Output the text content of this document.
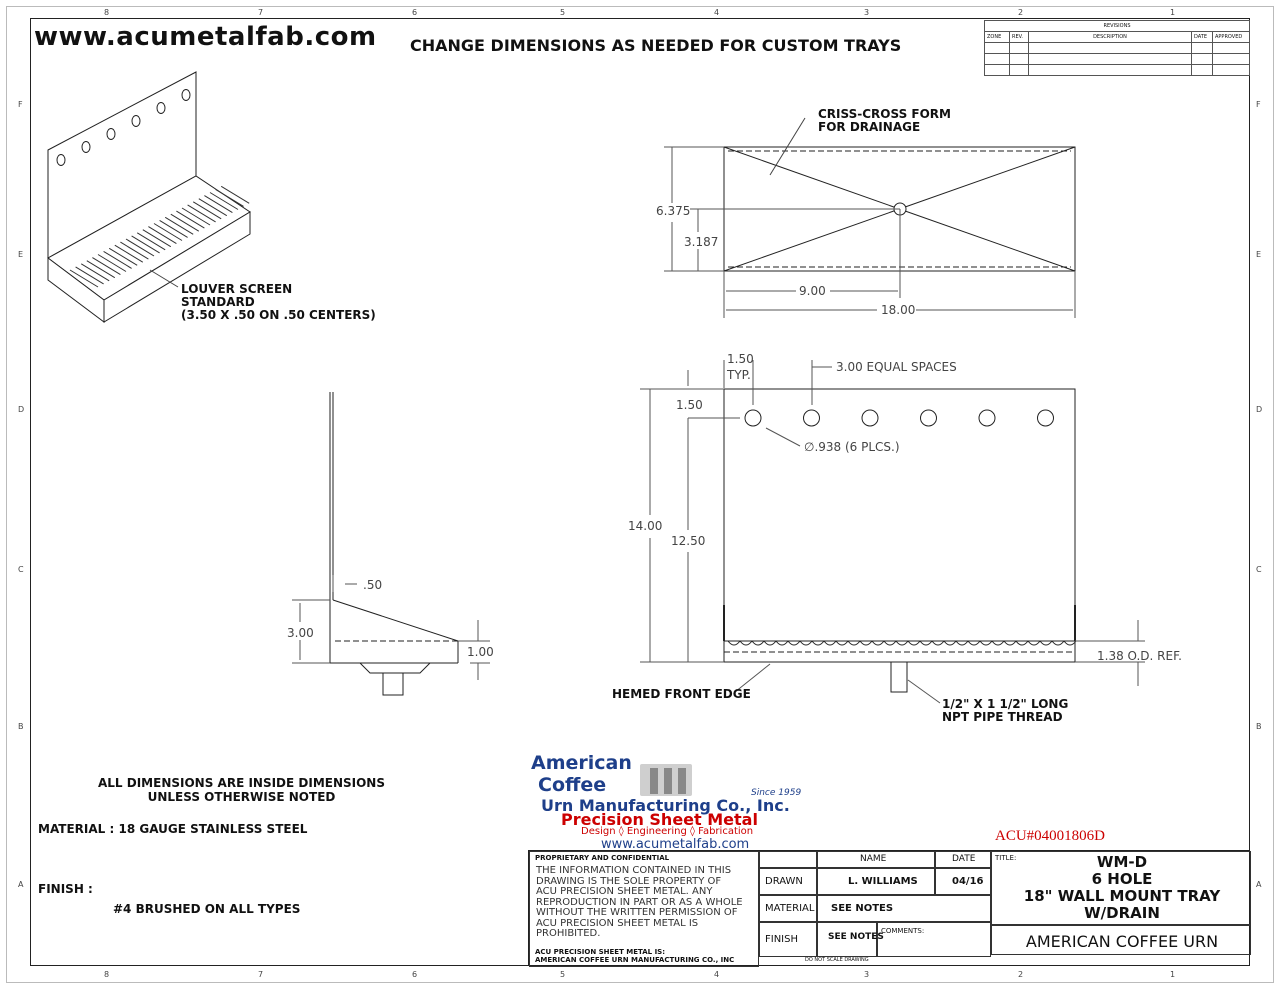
8
8
7
7
6
6
5
5
4
4
3
3
2
2
1
1
F	F
E	E
D	D
C	C
B	B
A	A
www.acumetalfab.com CHANGE DIMENSIONS AS NEEDED FOR CUSTOM TRAYS
REVISIONS				
ZONE	REV.	DESCRIPTION	DATE	APPROVED

LOUVER SCREEN
STANDARD
(3.50 X .50 ON .50 CENTERS)
CRISS-CROSS FORM
FOR DRAINAGE
6.375
3.187
9.00
18.00
.50
3.00
1.00
1.50
TYP.
3.00 EQUAL SPACES
1.50
∅.938 (6 PLCS.)
14.00
12.50
1.38 O.D. REF.
HEMED FRONT EDGE
1/2" X 1 1/2" LONG
NPT PIPE THREAD
ALL DIMENSIONS ARE INSIDE DIMENSIONS
UNLESS OTHERWISE NOTED
MATERIAL : 18 GAUGE STAINLESS STEEL
FINISH :
#4 BRUSHED ON ALL TYPES
American
Coffee
Urn Manufacturing Co., Inc.
Since 1959
Precision Sheet Metal
Design ◊ Engineering ◊ Fabrication
www.acumetalfab.com
ACU#04001806D
PROPRIETARY AND CONFIDENTIAL
THE INFORMATION CONTAINED IN THIS
DRAWING IS THE SOLE PROPERTY OF
ACU PRECISION SHEET METAL. ANY
REPRODUCTION IN PART OR AS A WHOLE
WITHOUT THE WRITTEN PERMISSION OF
ACU PRECISION SHEET METAL IS
PROHIBITED.
ACU PRECISION SHEET METAL IS:
AMERICAN COFFEE URN MANUFACTURING CO., INC
NAME	DATE
DRAWN	L. WILLIAMS	04/16
MATERIAL SEE NOTES
FINISH	SEE NOTES
COMMENTS:
DO NOT SCALE DRAWING
TITLE:	WM-D
6 HOLE
18" WALL MOUNT TRAY
W/DRAIN
AMERICAN COFFEE URN
